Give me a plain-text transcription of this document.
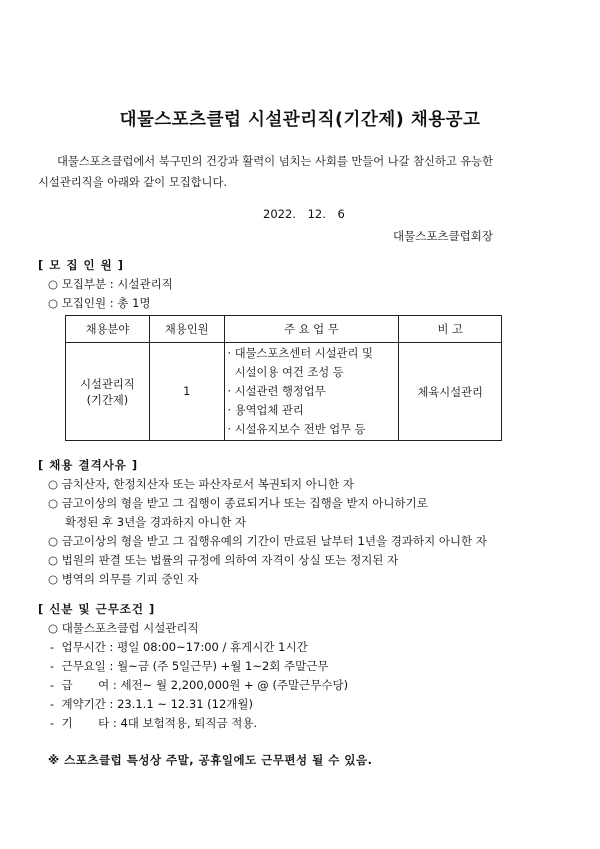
대물스포츠클럽 시설관리직(기간제) 채용공고
대물스포츠클럽에서 북구민의 건강과 활력이 넘치는 사회를 만들어 나갈 참신하고 유능한
시설관리직을 아래와 같이 모집합니다.
2022. 12. 6
대물스포츠클럽회장
[ 모 집 인 원 ]
○ 모집부분 : 시설관리직
○ 모집인원 : 총 1명
채용분야	채용인원	주 요 업 무	비 고

시설관리직
(기간제)	1	· 대물스포츠센터 시설관리 및
시설이용 여건 조성 등
· 시설관련 행정업무
· 용역업체 관리
· 시설유지보수 전반 업무 등	체육시설관리
[ 채용 결격사유 ]
○ 금치산자, 한정치산자 또는 파산자로서 복권되지 아니한 자
○ 금고이상의 형을 받고 그 집행이 종료되거나 또는 집행을 받지 아니하기로
확정된 후 3년을 경과하지 아니한 자
○ 금고이상의 형을 받고 그 집행유예의 기간이 만료된 날부터 1년을 경과하지 아니한 자
○ 법원의 판결 또는 법률의 규정에 의하여 자격이 상실 또는 정지된 자
○ 병역의 의무를 기피 중인 자
[ 신분 및 근무조건 ]
○ 대물스포츠클럽 시설관리직
-  업무시간 : 평일 08:00~17:00 / 휴게시간 1시간
-  근무요일 : 월~금 (주 5일근무) +월 1~2회 주말근무
-  급       여 : 세전~ 월 2,200,000원 + @ (주말근무수당)
-  계약기간 : 23.1.1 ~ 12.31 (12개월)
-  기       타 : 4대 보험적용, 퇴직금 적용.
※ 스포츠클럽 특성상 주말, 공휴일에도 근무편성 될 수 있음.
